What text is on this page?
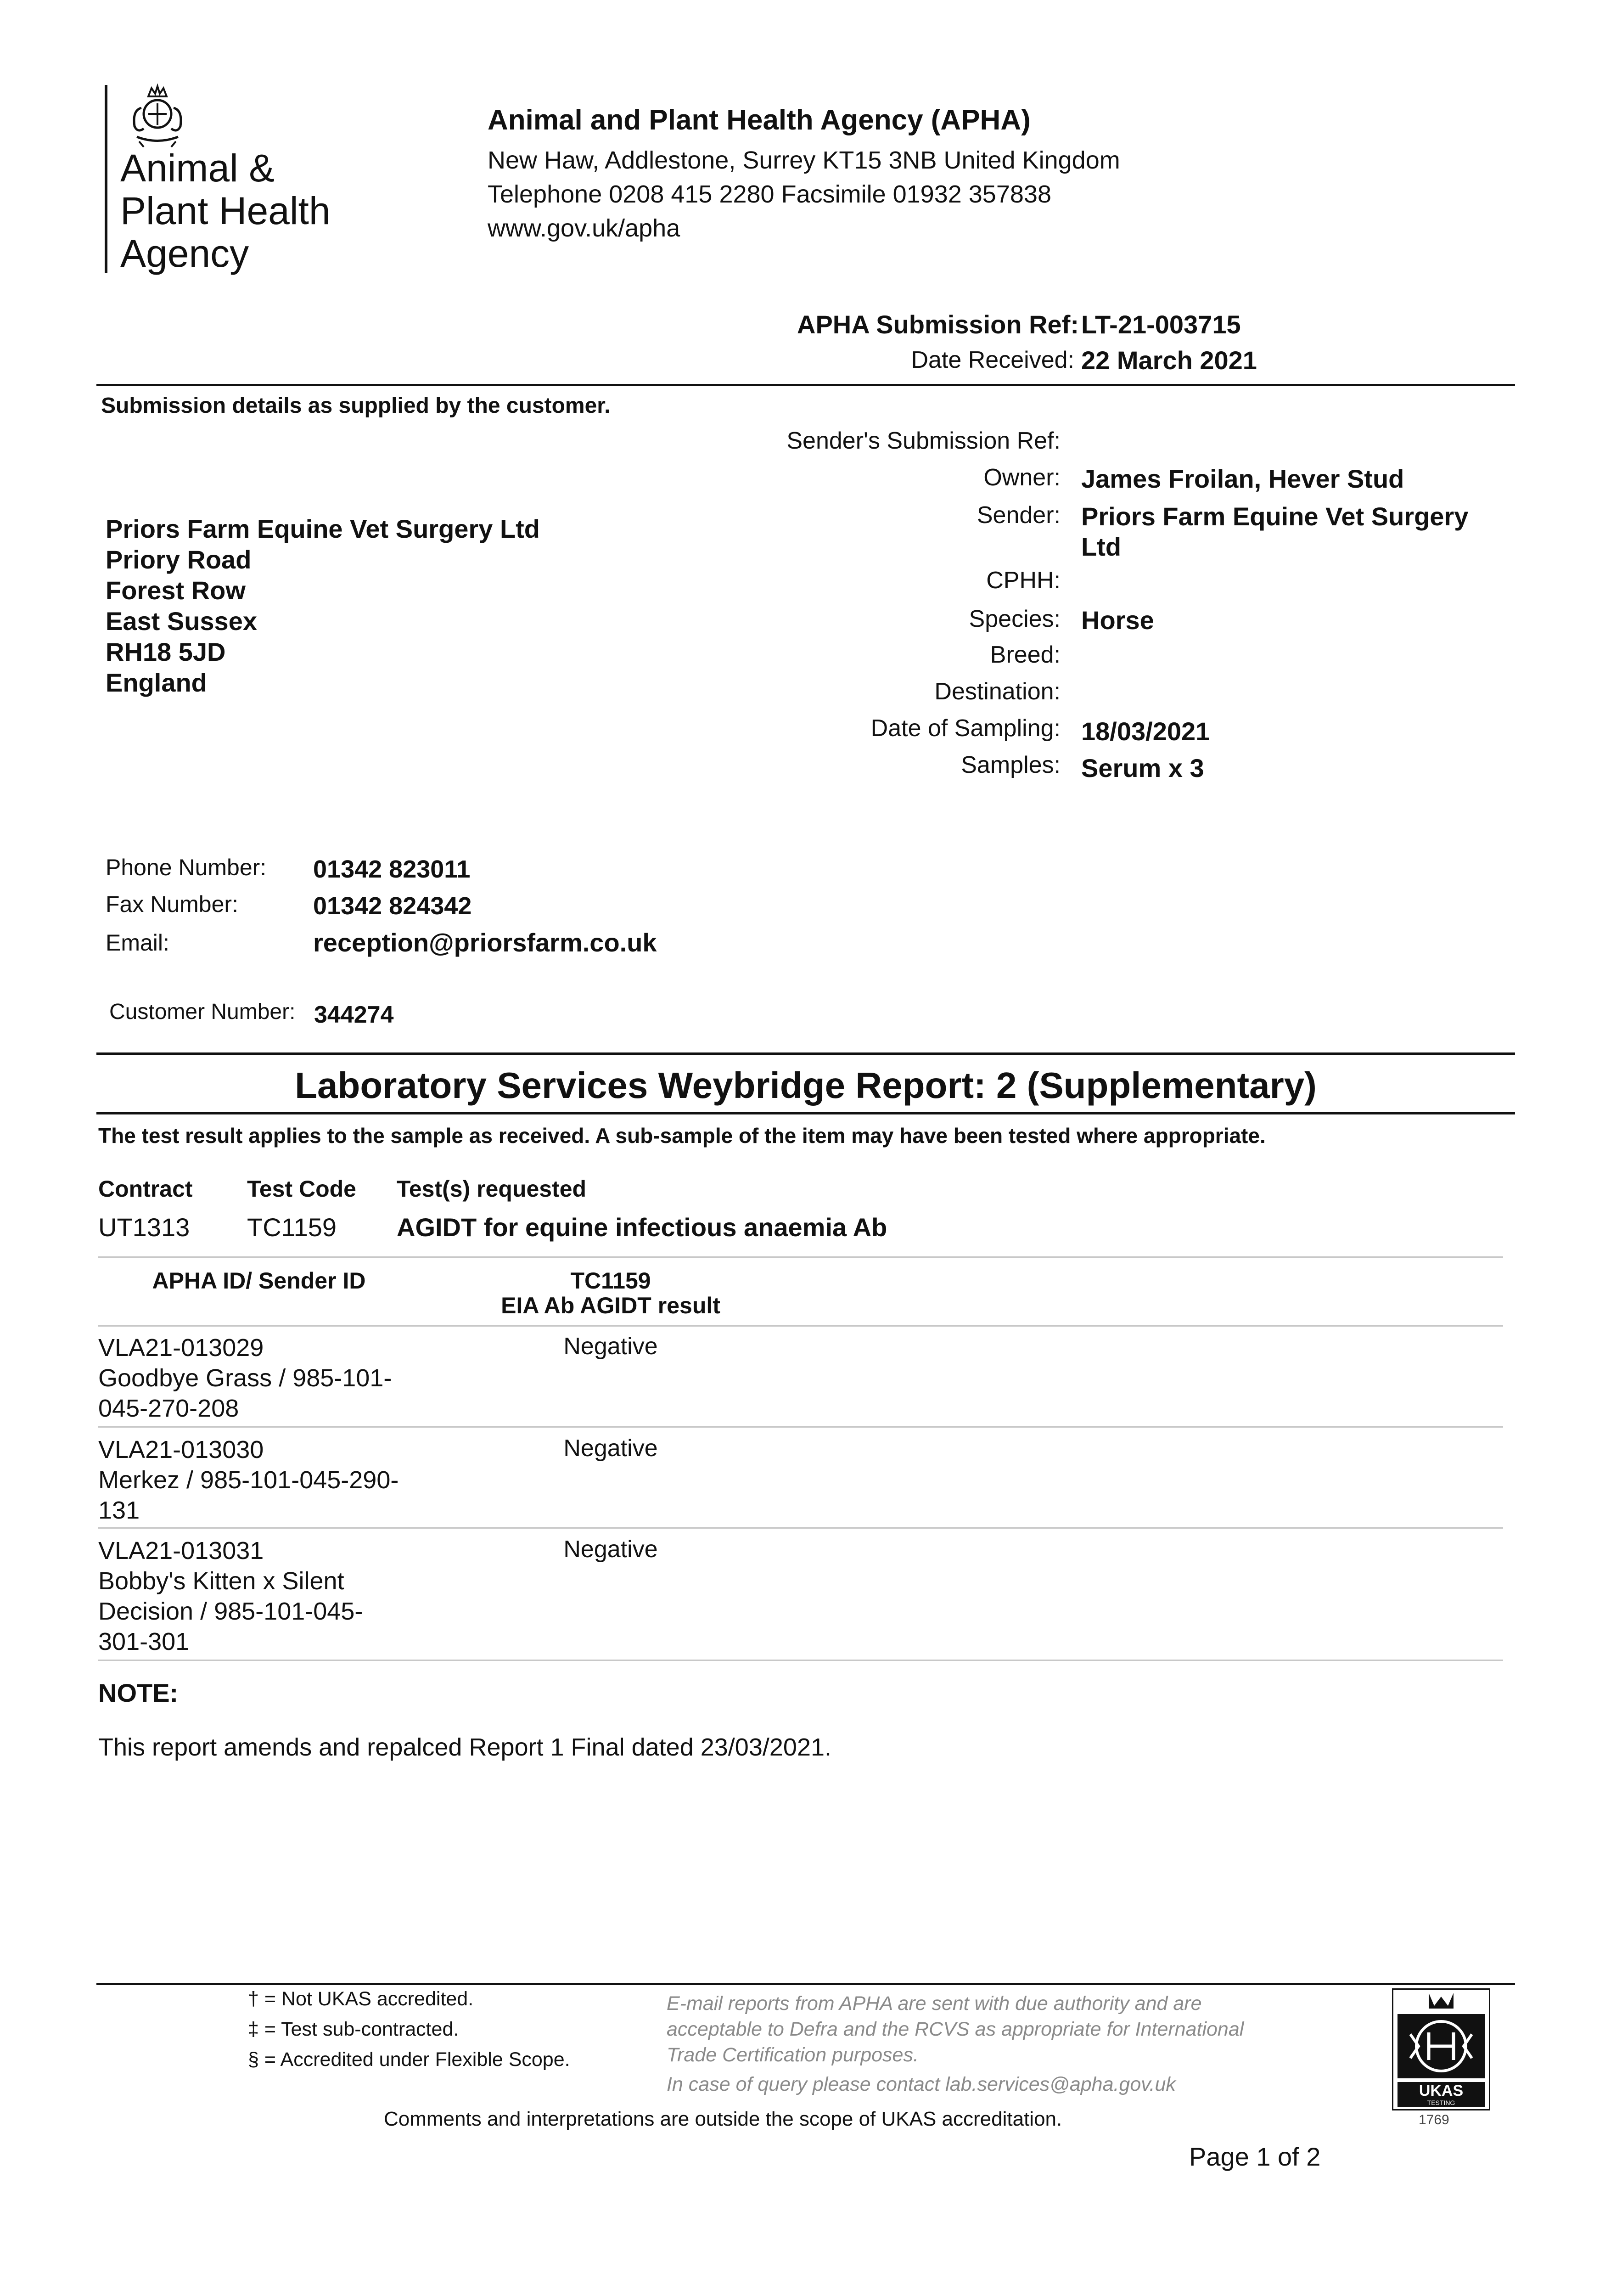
Animal &
Plant Health
Agency
Animal and Plant Health Agency (APHA)
New Haw, Addlestone, Surrey KT15 3NB United Kingdom
Telephone 0208 415 2280 Facsimile 01932 357838
www.gov.uk/apha
APHA Submission Ref: LT-21-003715
Date Received: 22 March 2021
Submission details as supplied by the customer.
Sender's Submission Ref:
Owner: James Froilan, Hever Stud
Sender: Priors Farm Equine Vet Surgery
Ltd
CPHH:
Species: Horse
Breed:
Destination:
Date of Sampling: 18/03/2021
Samples: Serum x 3
Priors Farm Equine Vet Surgery Ltd
Priory Road
Forest Row
East Sussex
RH18 5JD
England
Phone Number: 01342 823011
Fax Number:	01342 824342
Email:	reception@priorsfarm.co.uk
Customer Number: 344274
Laboratory Services Weybridge Report: 2 (Supplementary)
The test result applies to the sample as received. A sub-sample of the item may have been tested where appropriate.
Contract Test Code Test(s) requested
UT1313 TC1159 AGIDT for equine infectious anaemia Ab
APHA ID/ Sender ID	TC1159
EIA Ab AGIDT result
VLA21-013029
Goodbye Grass / 985-101-
045-270-208
Negative
VLA21-013030
Merkez / 985-101-045-290-
131
Negative
VLA21-013031
Bobby's Kitten x Silent
Decision / 985-101-045-
301-301
Negative
NOTE:
This report amends and repalced Report 1 Final dated 23/03/2021.
† = Not UKAS accredited.
‡ = Test sub-contracted.
§ = Accredited under Flexible Scope.
E-mail reports from APHA are sent with due authority and are
acceptable to Defra and the RCVS as appropriate for International
Trade Certification purposes.
In case of query please contact lab.services@apha.gov.uk
Comments and interpretations are outside the scope of UKAS accreditation.
Page 1 of 2
UKAS
TESTING
1769
